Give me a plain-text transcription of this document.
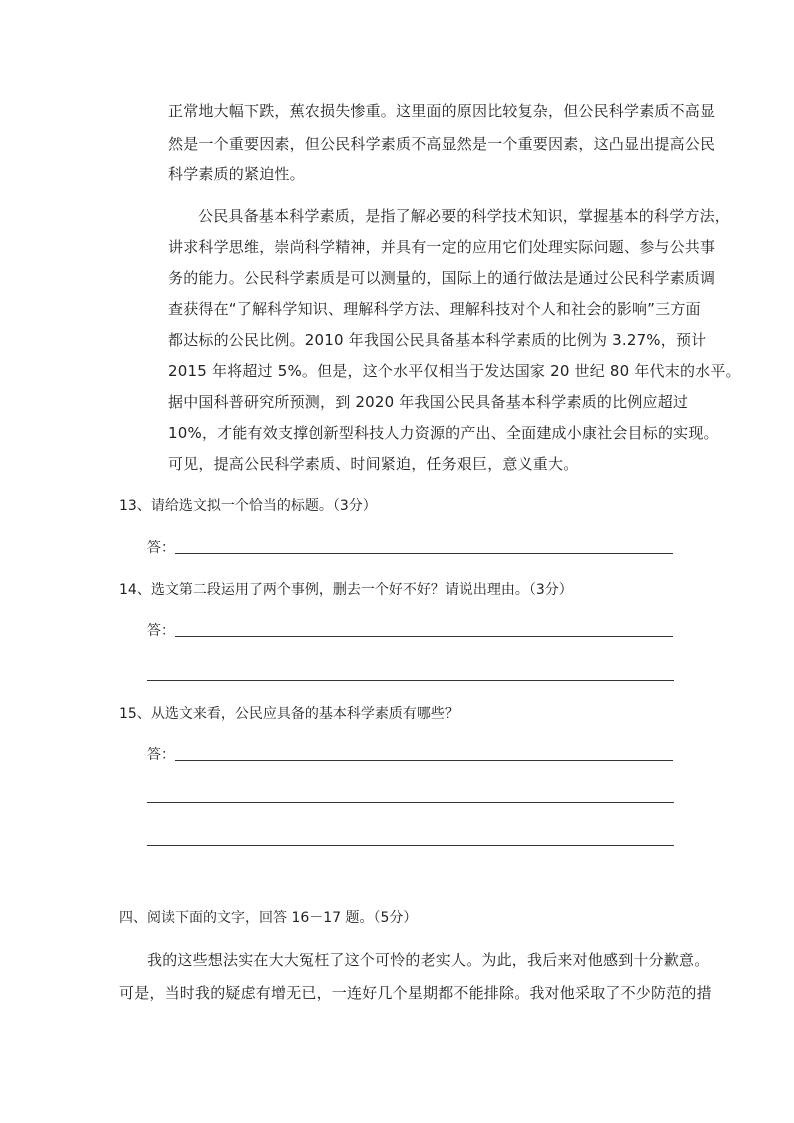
正常地大幅下跌，蕉农损失惨重。这里面的原因比较复杂，但公民科学素质不高显
然是一个重要因素，但公民科学素质不高显然是一个重要因素，这凸显出提高公民
科学素质的紧迫性。
公民具备基本科学素质，是指了解必要的科学技术知识，掌握基本的科学方法，
讲求科学思维，崇尚科学精神，并具有一定的应用它们处理实际问题、参与公共事
务的能力。公民科学素质是可以测量的，国际上的通行做法是通过公民科学素质调
查获得在“了解科学知识、理解科学方法、理解科技对个人和社会的影响”三方面
都达标的公民比例。2010 年我国公民具备基本科学素质的比例为 3.27%，预计
2015 年将超过 5%。但是，这个水平仅相当于发达国家 20 世纪 80 年代末的水平。
据中国科普研究所预测，到 2020 年我国公民具备基本科学素质的比例应超过
10%，才能有效支撑创新型科技人力资源的产出、全面建成小康社会目标的实现。
可见，提高公民科学素质、时间紧迫，任务艰巨，意义重大。
13、请给选文拟一个恰当的标题。（3分）
答：
14、选文第二段运用了两个事例，删去一个好不好？请说出理由。（3分）
答：
15、从选文来看，公民应具备的基本科学素质有哪些？
答：
四、阅读下面的文字，回答 16－17 题。（5分）
我的这些想法实在大大冤枉了这个可怜的老实人。为此，我后来对他感到十分歉意。
可是，当时我的疑虑有增无已，一连好几个星期都不能排除。我对他采取了不少防范的措
